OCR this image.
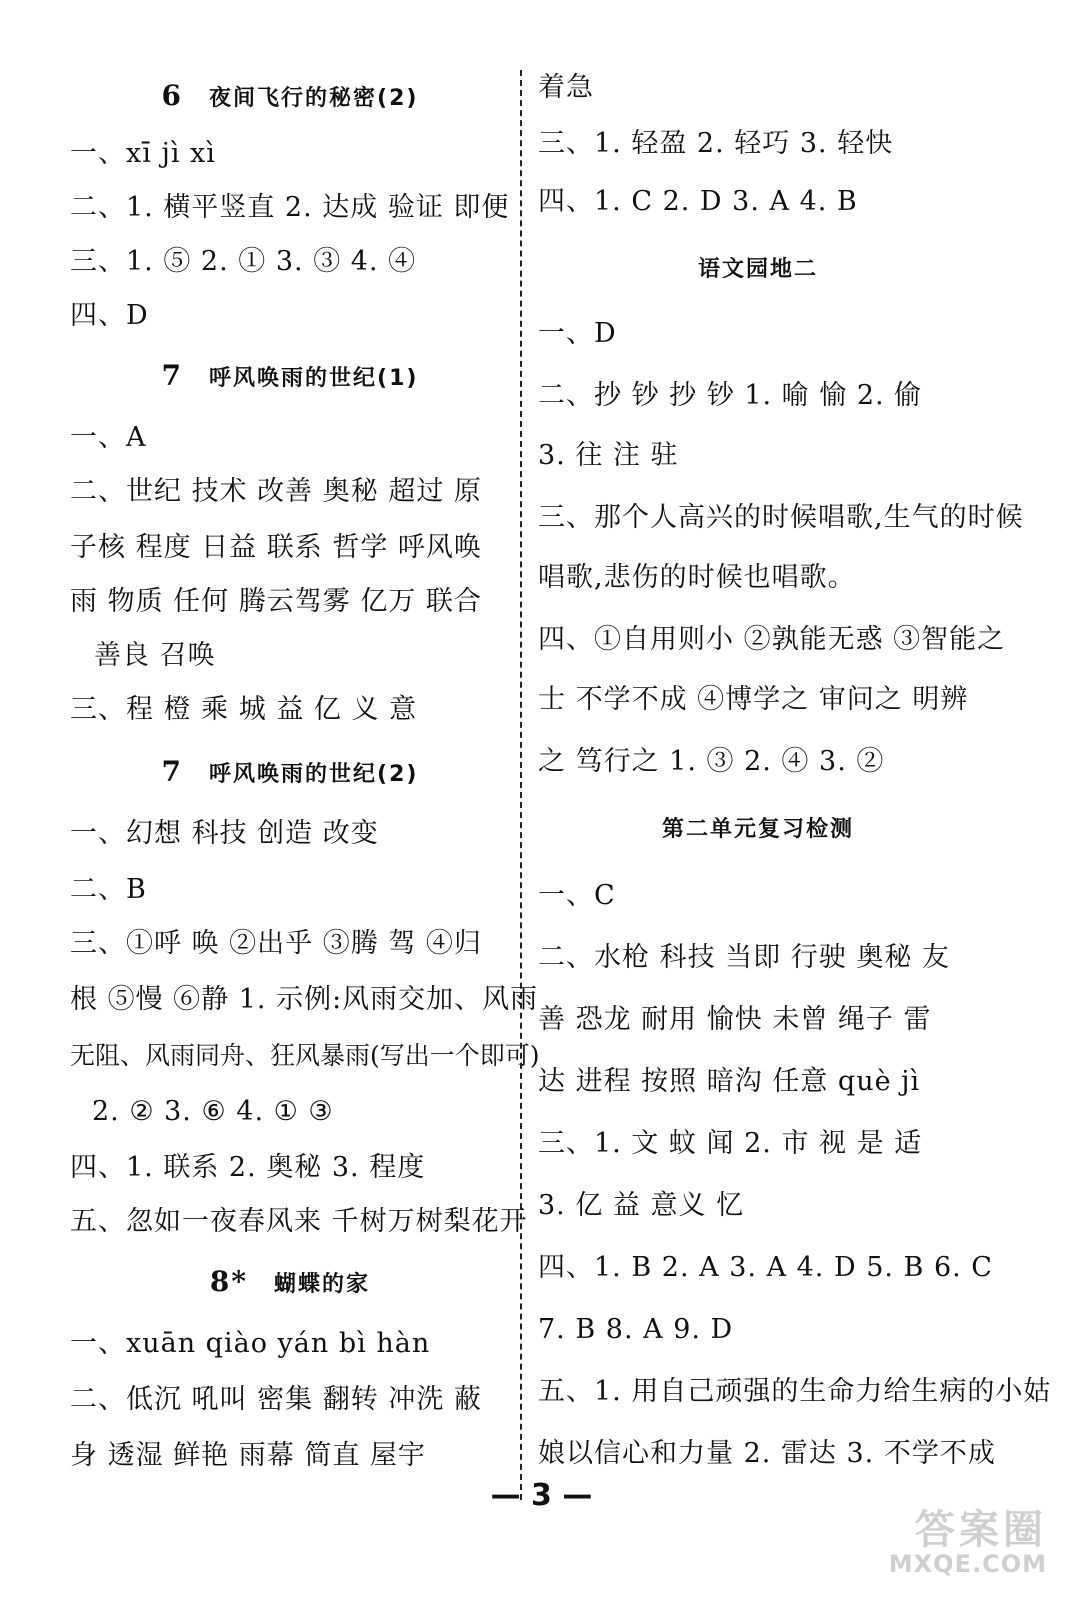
6 夜间飞行的秘密(2)
一、xī jì xì
二、1. 横平竖直 2. 达成 验证 即便
三、1. ⑤ 2. ① 3. ③ 4. ④
四、D
7 呼风唤雨的世纪(1)
一、A
二、世纪 技术 改善 奥秘 超过 原
子核 程度 日益 联系 哲学 呼风唤
雨 物质 任何 腾云驾雾 亿万 联合
善良 召唤
三、程 橙 乘 城 益 亿 义 意
7 呼风唤雨的世纪(2)
一、幻想 科技 创造 改变
二、B
三、①呼 唤 ②出乎 ③腾 驾 ④归
根 ⑤慢 ⑥静 1. 示例:风雨交加、风雨
无阻、风雨同舟、狂风暴雨(写出一个即可)
2. ② 3. ⑥ 4. ① ③
四、1. 联系 2. 奥秘 3. 程度
五、忽如一夜春风来 千树万树梨花开
8* 蝴蝶的家
一、xuān qiào yán bì hàn
二、低沉 吼叫 密集 翻转 冲洗 蔽
身 透湿 鲜艳 雨幕 简直 屋宇
着急
三、1. 轻盈 2. 轻巧 3. 轻快
四、1. C 2. D 3. A 4. B
语文园地二
一、D
二、抄 钞 抄 钞 1. 喻 愉 2. 偷
3. 往 注 驻
三、那个人高兴的时候唱歌,生气的时候
唱歌,悲伤的时候也唱歌。
四、①自用则小 ②孰能无惑 ③智能之
士 不学不成 ④博学之 审问之 明辨
之 笃行之 1. ③ 2. ④ 3. ②
第二单元复习检测
一、C
二、水枪 科技 当即 行驶 奥秘 友
善 恐龙 耐用 愉快 未曾 绳子 雷
达 进程 按照 暗沟 任意 què jì
三、1. 文 蚊 闻 2. 市 视 是 适
3. 亿 益 意义 忆
四、1. B 2. A 3. A 4. D 5. B 6. C
7. B 8. A 9. D
五、1. 用自己顽强的生命力给生病的小姑
娘以信心和力量 2. 雷达 3. 不学不成
— 3 —
答案圈
MXQE.COM
